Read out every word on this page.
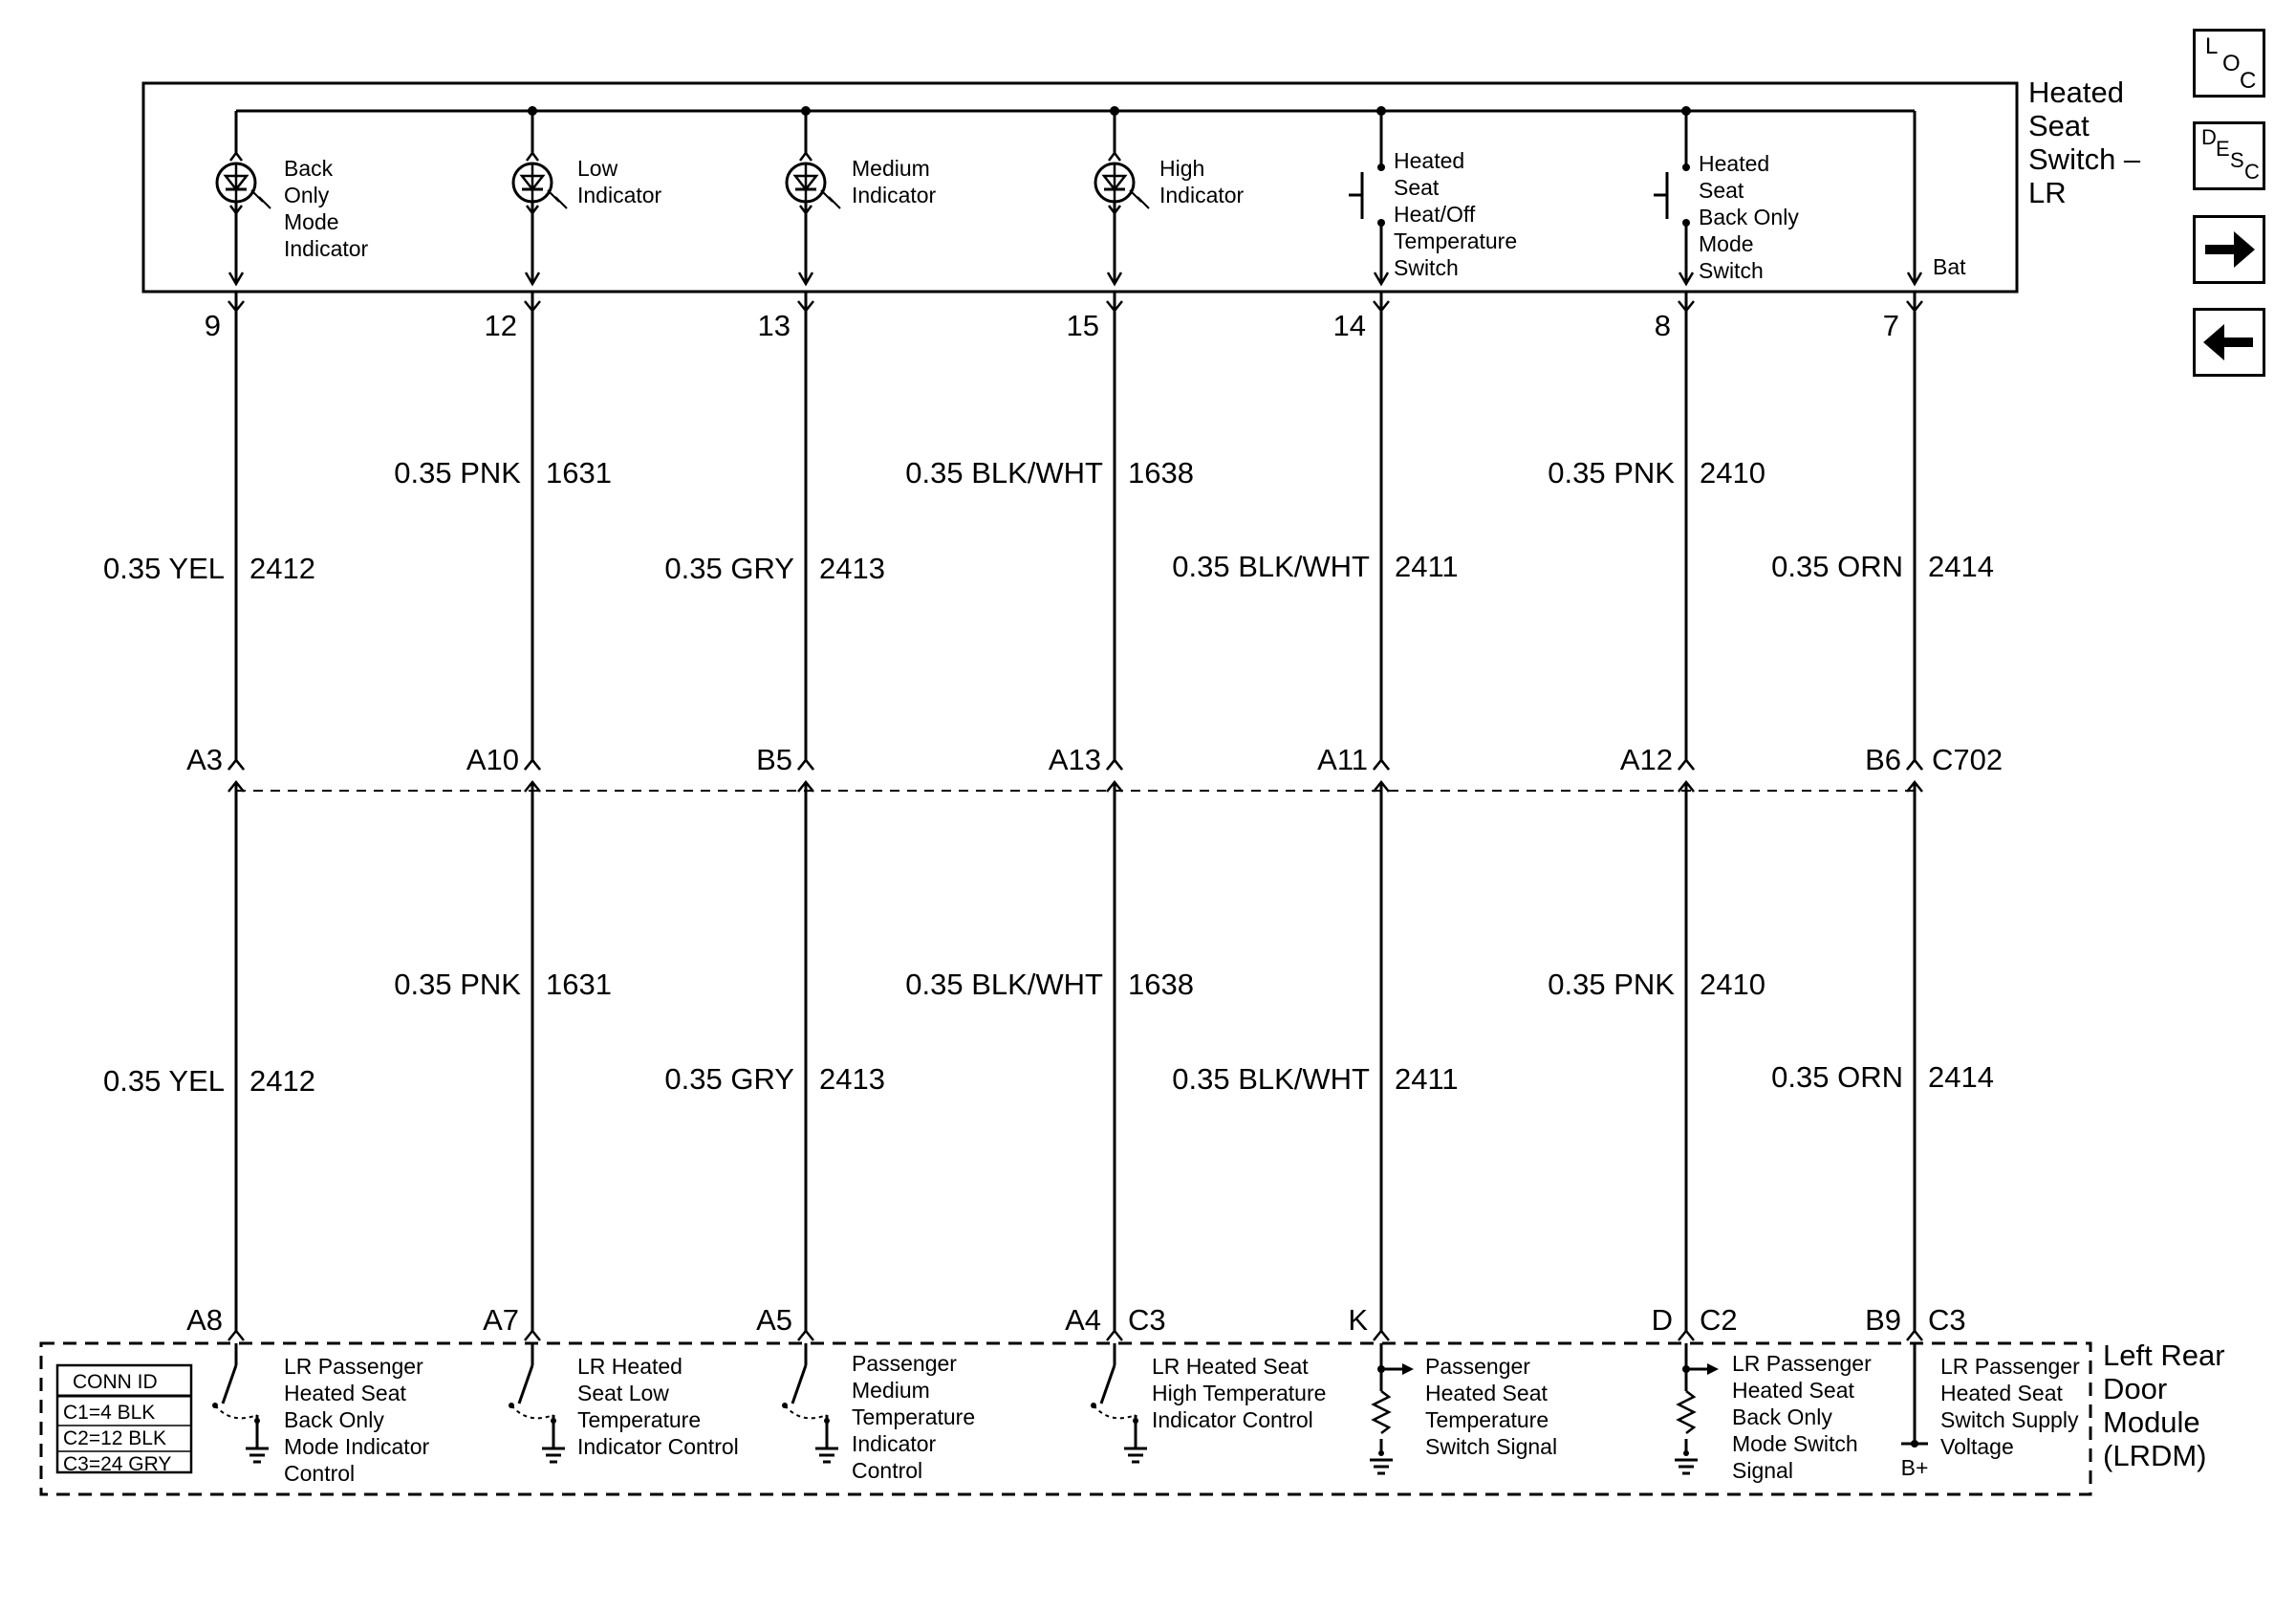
Back
Only
Mode
Indicator
9
Low
Indicator
12
Medium
Indicator
13
High
Indicator
15
Heated
Seat
Heat/Off
Temperature
Switch
14
Heated
Seat
Back Only
Mode
Switch
8
Bat
7
Heated
Seat
Switch –
LR
0.35 YEL 2412
0.35 PNK 1631
0.35 GRY 2413
0.35 BLK/WHT 1638
0.35 BLK/WHT 2411
0.35 PNK 2410
0.35 ORN 2414
0.35 YEL 2412
0.35 PNK 1631
0.35 GRY 2413
0.35 BLK/WHT 1638
0.35 BLK/WHT 2411
0.35 PNK 2410
0.35 ORN 2414
A3	A10	B5	A13	A11	A12	B6 C702
A8	A7	A5	A4 C3	K	D C2	B9 C3
B+
LR Passenger
Heated Seat
Back Only
Mode Indicator
Control
LR Heated
Seat Low
Temperature
Indicator Control
Passenger
Medium
Temperature
Indicator
Control
LR Heated Seat
High Temperature
Indicator Control
Passenger
Heated Seat
Temperature
Switch Signal
LR Passenger
Heated Seat
Back Only
Mode Switch
Signal
LR Passenger
Heated Seat
Switch Supply
Voltage
Left Rear
Door
Module
(LRDM)
CONN ID
C1=4 BLK
C2=12 BLK
C3=24 GRY
L
O
C
D E S C
